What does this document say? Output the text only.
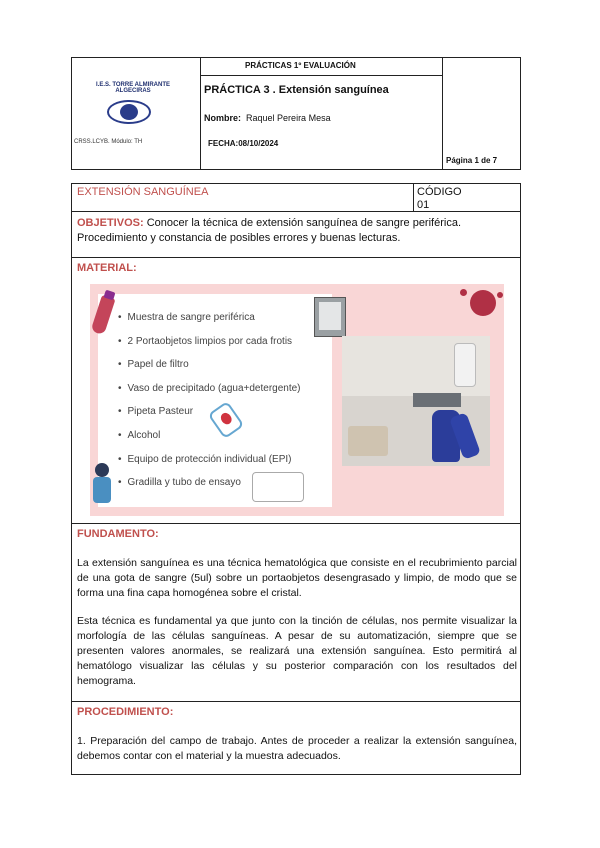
PRÁCTICAS 1º EVALUACIÓN
PRÁCTICA 3 . Extensión sanguínea
Nombre: Raquel Pereira Mesa
FECHA:08/10/2024
Página 1 de 7
I.E.S. TORRE ALMIRANTE ALGECIRAS
CRSS.LCYB. Módulo: TH
EXTENSIÓN SANGUÍNEA	CÓDIGO
01
OBJETIVOS: Conocer la técnica de extensión sanguínea de sangre periférica.
Procedimiento y constancia de posibles errores y buenas lecturas.
MATERIAL:
• Muestra de sangre periférica
• 2 Portaobjetos limpios por cada frotis
• Papel de filtro
• Vaso de precipitado (agua+detergente)
• Pipeta Pasteur
• Alcohol
• Equipo de protección individual (EPI)
• Gradilla y tubo de ensayo
FUNDAMENTO:
La extensión sanguínea es una técnica hematológica que consiste en el recubrimiento parcial de una gota de sangre (5ul) sobre un portaobjetos desengrasado y limpio, de modo que se forma una fina capa homogénea sobre el cristal.
Esta técnica es fundamental ya que junto con la tinción de células, nos permite visualizar la morfología de las células sanguíneas. A pesar de su automatización, siempre que se presenten valores anormales, se realizará una extensión sanguínea. Esto permitirá al hematólogo visualizar las células y su posterior comparación con los resultados del hemograma.
PROCEDIMIENTO:
1. Preparación del campo de trabajo. Antes de proceder a realizar la extensión sanguínea, debemos contar con el material y la muestra adecuados.
